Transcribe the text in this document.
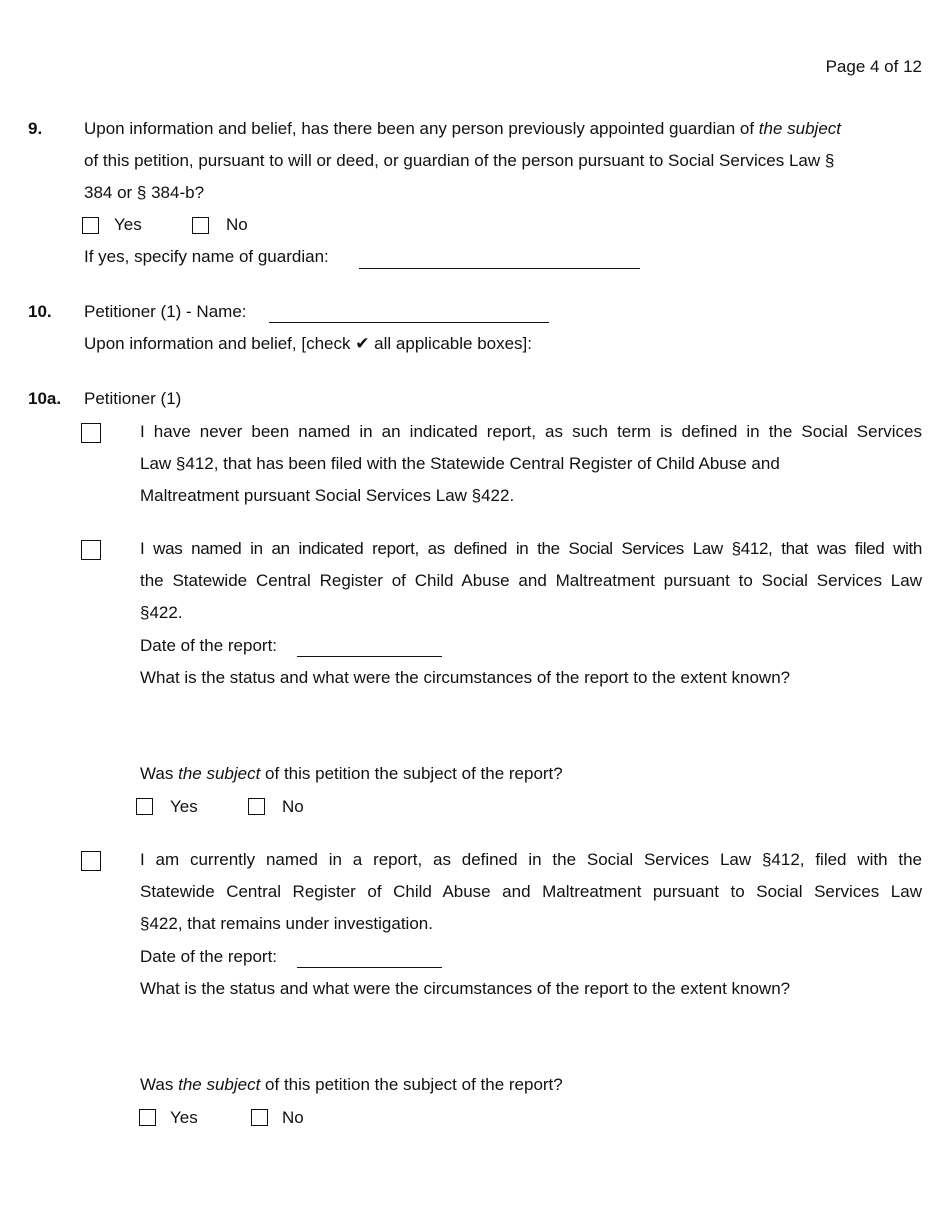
Page 4 of 12
9. Upon information and belief, has there been any person previously appointed guardian of the subject
of this petition, pursuant to will or deed, or guardian of the person pursuant to Social Services Law §
384 or § 384-b?
Yes	No
If yes, specify name of guardian:
10. Petitioner (1) - Name:
Upon information and belief, [check ✔ all applicable boxes]:
10a. Petitioner (1)
I have never been named in an indicated report, as such term is defined in the Social Services
Law §412, that has been filed with the Statewide Central Register of Child Abuse and
Maltreatment pursuant Social Services Law §422.
I was named in an indicated report, as defined in the Social Services Law §412, that was filed with
the Statewide Central Register of Child Abuse and Maltreatment pursuant to Social Services Law
§422.
Date of the report:
What is the status and what were the circumstances of the report to the extent known?
Was the subject of this petition the subject of the report?
Yes	No
I am currently named in a report, as defined in the Social Services Law §412, filed with the
Statewide Central Register of Child Abuse and Maltreatment pursuant to Social Services Law
§422, that remains under investigation.
Date of the report:
What is the status and what were the circumstances of the report to the extent known?
Was the subject of this petition the subject of the report?
Yes	No
